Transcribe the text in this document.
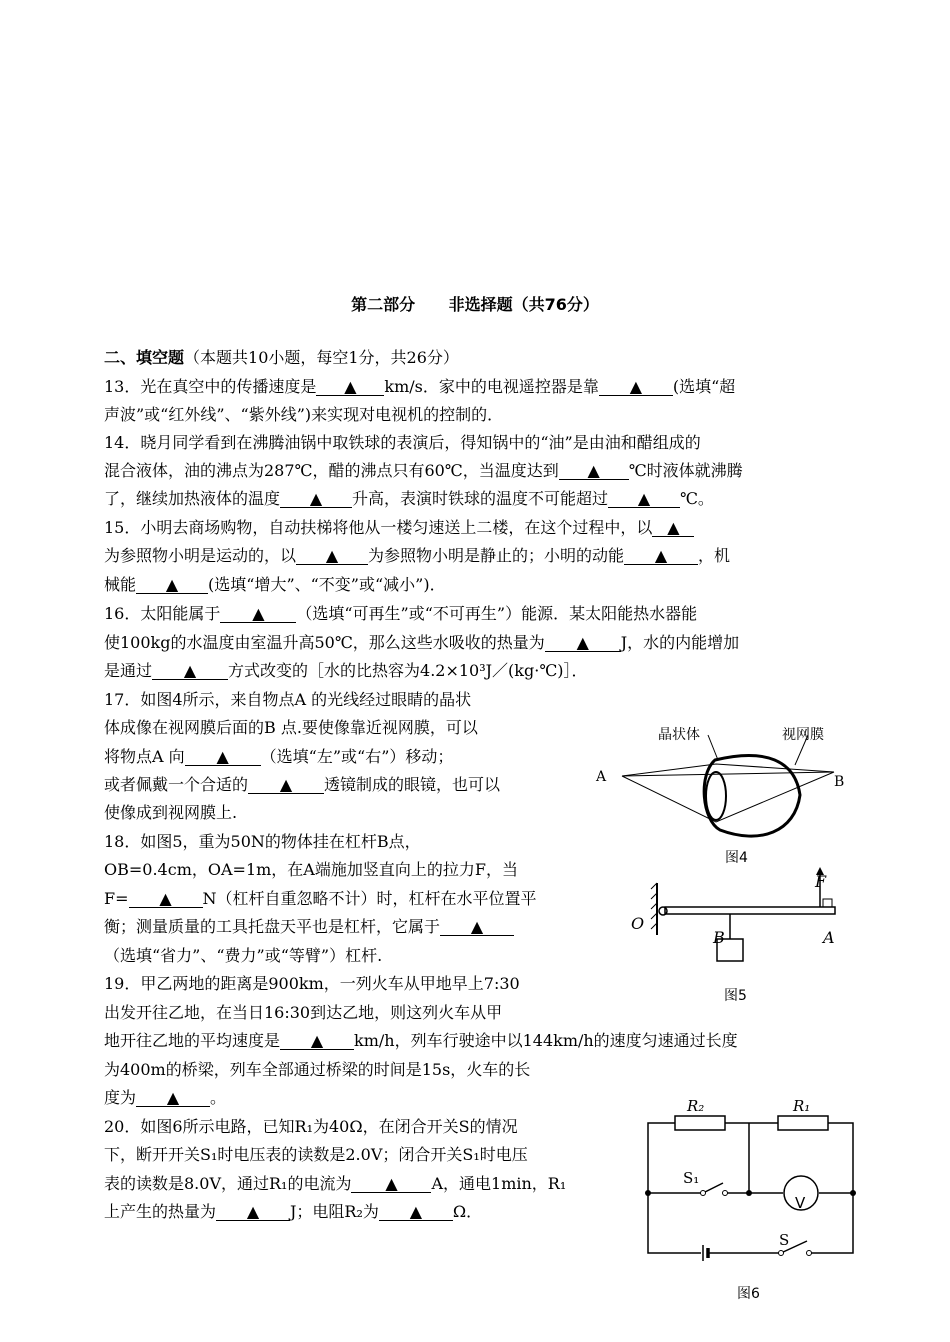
第二部分 非选择题（共76分）
二、填空题（本题共10小题，每空1分，共26分）
13．光在真空中的传播速度是 ▲ km/s．家中的电视遥控器是靠 ▲ (选填“超
声波”或“红外线”、“紫外线”)来实现对电视机的控制的．
14．晓月同学看到在沸腾油锅中取铁球的表演后，得知锅中的“油”是由油和醋组成的
混合液体，油的沸点为287℃，醋的沸点只有60℃，当温度达到 ▲ ℃时液体就沸腾
了，继续加热液体的温度 ▲ 升高，表演时铁球的温度不可能超过 ▲ ℃。
15．小明去商场购物，自动扶梯将他从一楼匀速送上二楼，在这个过程中，以 ▲
为参照物小明是运动的，以 ▲ 为参照物小明是静止的；小明的动能 ▲ ，机
械能 ▲ (选填“增大”、“不变”或“减小”)．
16．太阳能属于 ▲ （选填“可再生”或“不可再生”）能源．某太阳能热水器能
使100kg的水温度由室温升高50℃，那么这些水吸收的热量为 ▲ J，水的内能增加
是通过 ▲ 方式改变的［水的比热容为4.2×10³J／(kg·℃)］．
17．如图4所示，来自物点A 的光线经过眼睛的晶状
体成像在视网膜后面的B 点.要使像靠近视网膜，可以
将物点A 向 ▲ （选填“左”或“右”）移动；
或者佩戴一个合适的 ▲ 透镜制成的眼镜，也可以
使像成到视网膜上.
18．如图5，重为50N的物体挂在杠杆B点，
OB=0.4cm，OA=1m，在A端施加竖直向上的拉力F，当
F= ▲ N（杠杆自重忽略不计）时，杠杆在水平位置平
衡；测量质量的工具托盘天平也是杠杆，它属于 ▲
（选填“省力”、“费力”或“等臂”）杠杆.
19．甲乙两地的距离是900km，一列火车从甲地早上7:30
出发开往乙地，在当日16:30到达乙地，则这列火车从甲
地开往乙地的平均速度是 ▲ km/h，列车行驶途中以144km/h的速度匀速通过长度
为400m的桥梁，列车全部通过桥梁的时间是15s，火车的长
度为 ▲ 。
20．如图6所示电路，已知R₁为40Ω，在闭合开关S的情况
下，断开开关S₁时电压表的读数是2.0V；闭合开关S₁时电压
表的读数是8.0V，通过R₁的电流为 ▲ A，通电1min，R₁
上产生的热量为 ▲ J；电阻R₂为 ▲ Ω．
晶状体	视网膜
A	B
图4
F
O
B	A
图5
R₂	R₁
S₁
S
V
图6
